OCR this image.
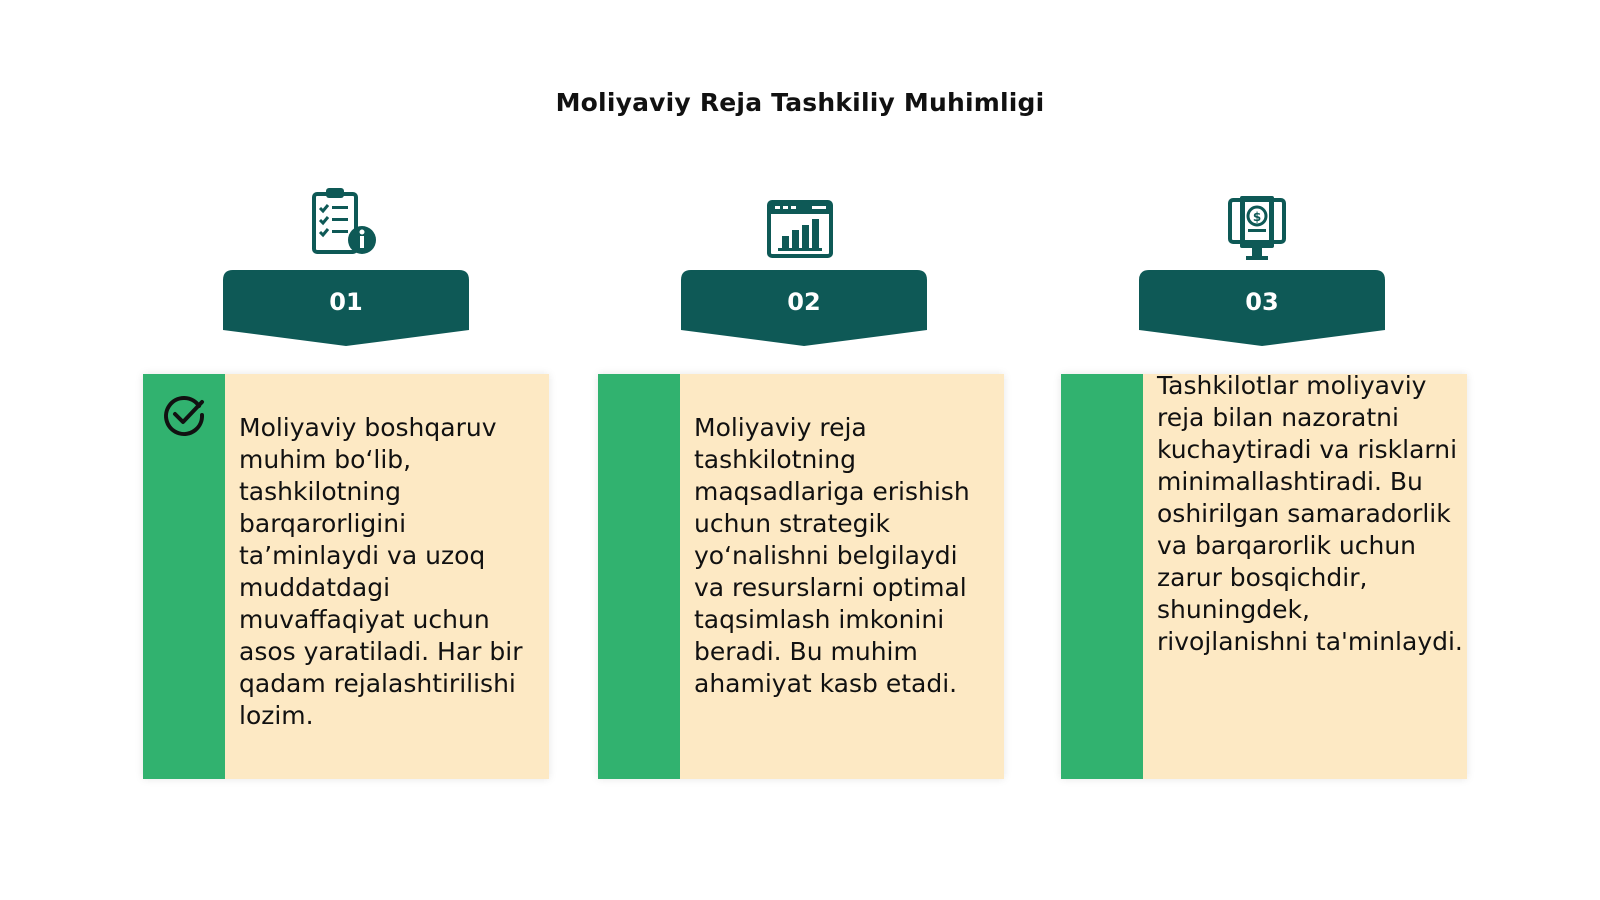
Moliyaviy Reja Tashkiliy Muhimligi
$
01	02	03
Moliyaviy boshqaruv muhim bo‘lib, tashkilotning barqarorligini ta’minlaydi va uzoq muddatdagi muvaffaqiyat uchun asos yaratiladi. Har bir qadam rejalashtirilishi lozim.
Moliyaviy reja tashkilotning maqsadlariga erishish uchun strategik yo‘nalishni belgilaydi va resurslarni optimal taqsimlash imkonini beradi. Bu muhim ahamiyat kasb etadi.
Tashkilotlar moliyaviy reja bilan nazoratni kuchaytiradi va risklarni minimallashtiradi. Bu oshirilgan samaradorlik va barqarorlik uchun zarur bosqichdir, shuningdek, rivojlanishni ta'minlaydi.
